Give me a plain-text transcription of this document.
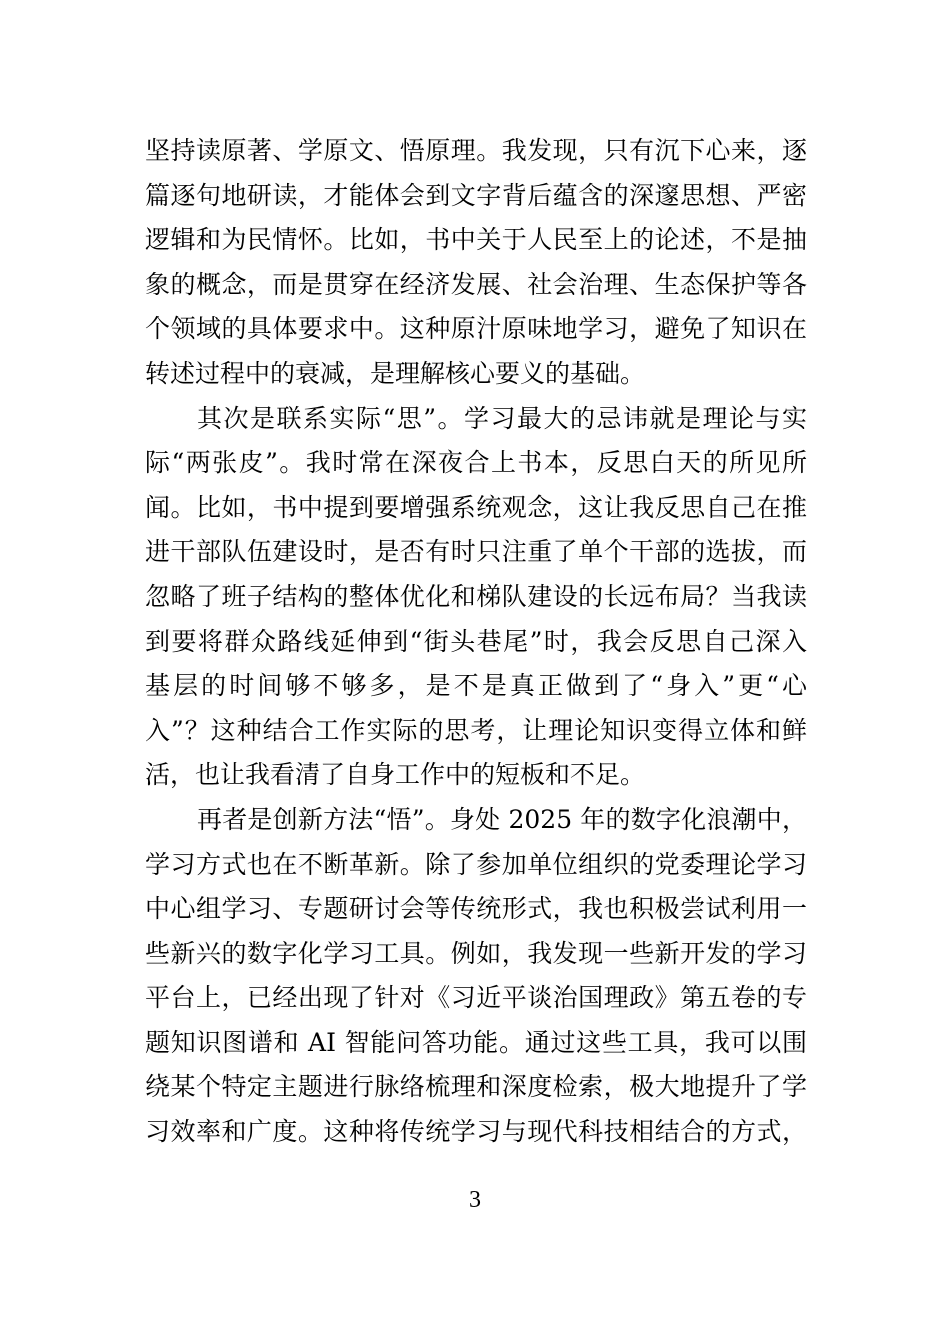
坚持读原著、学原文、悟原理。我发现，只有沉下心来，逐
篇逐句地研读，才能体会到文字背后蕴含的深邃思想、严密
逻辑和为民情怀。比如，书中关于人民至上的论述，不是抽
象的概念，而是贯穿在经济发展、社会治理、生态保护等各
个领域的具体要求中。这种原汁原味地学习，避免了知识在
转述过程中的衰减，是理解核心要义的基础。
其次是联系实际“思”。学习最大的忌讳就是理论与实
际“两张皮”。我时常在深夜合上书本，反思白天的所见所
闻。比如，书中提到要增强系统观念，这让我反思自己在推
进干部队伍建设时，是否有时只注重了单个干部的选拔，而
忽略了班子结构的整体优化和梯队建设的长远布局？当我读
到要将群众路线延伸到“街头巷尾”时，我会反思自己深入
基层的时间够不够多，是不是真正做到了“身入”更“心
入”？这种结合工作实际的思考，让理论知识变得立体和鲜
活，也让我看清了自身工作中的短板和不足。
再者是创新方法“悟”。身处 2025 年的数字化浪潮中，
学习方式也在不断革新。除了参加单位组织的党委理论学习
中心组学习、专题研讨会等传统形式，我也积极尝试利用一
些新兴的数字化学习工具。例如，我发现一些新开发的学习
平台上，已经出现了针对《习近平谈治国理政》第五卷的专
题知识图谱和 AI 智能问答功能。通过这些工具，我可以围
绕某个特定主题进行脉络梳理和深度检索，极大地提升了学
习效率和广度。这种将传统学习与现代科技相结合的方式，
3
